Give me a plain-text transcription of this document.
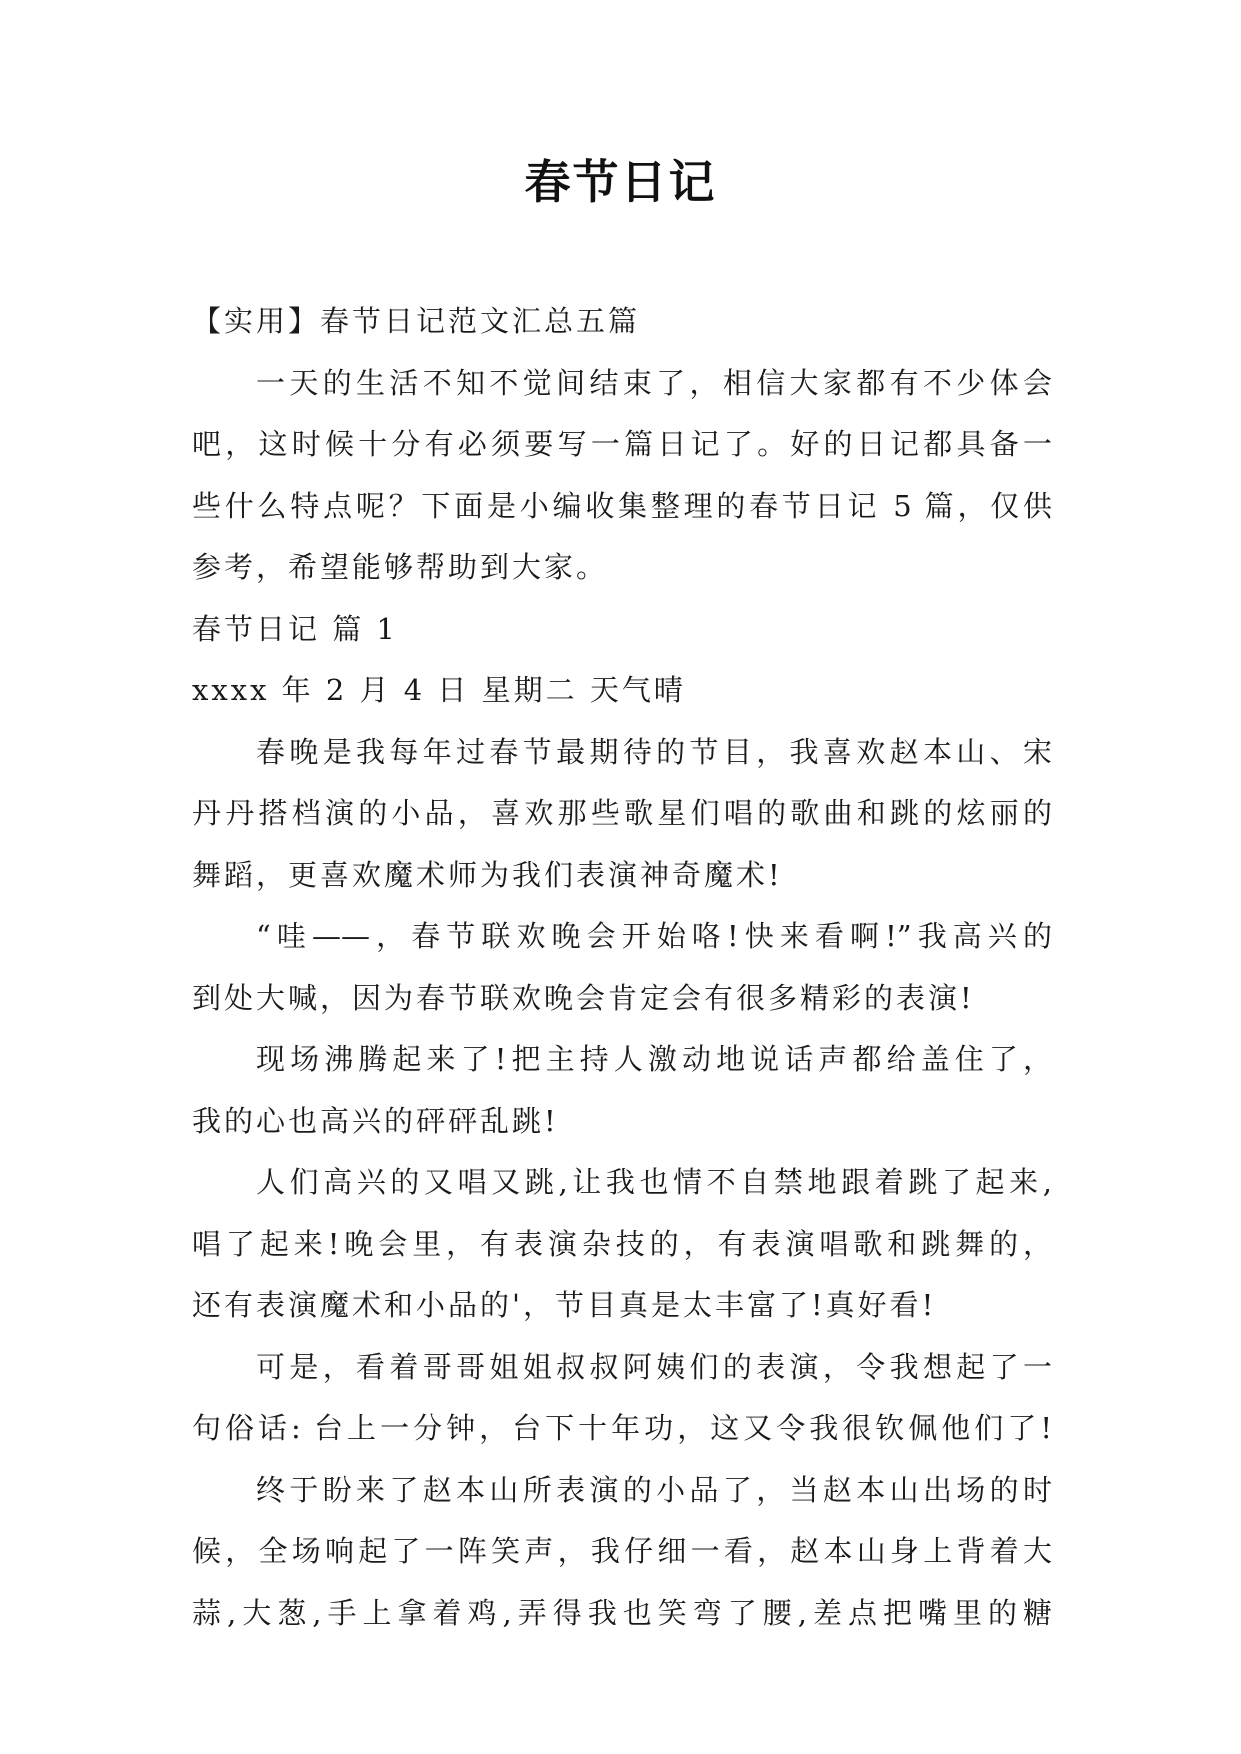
春节日记
【实用】春节日记范文汇总五篇
一天的生活不知不觉间结束了，相信大家都有不少体会
吧，这时候十分有必须要写一篇日记了。好的日记都具备一
些什么特点呢？下面是小编收集整理的春节日记 5 篇，仅供
参考，希望能够帮助到大家。
春节日记 篇 1
xxxx 年 2 月 4 日 星期二 天气晴
春晚是我每年过春节最期待的节目，我喜欢赵本山、宋
丹丹搭档演的小品，喜欢那些歌星们唱的歌曲和跳的炫丽的
舞蹈，更喜欢魔术师为我们表演神奇魔术!
“哇——，春节联欢晚会开始咯!快来看啊!”我高兴的
到处大喊，因为春节联欢晚会肯定会有很多精彩的表演!
现场沸腾起来了!把主持人激动地说话声都给盖住了，
我的心也高兴的砰砰乱跳!
人们高兴的又唱又跳,让我也情不自禁地跟着跳了起来,
唱了起来!晚会里，有表演杂技的，有表演唱歌和跳舞的，
还有表演魔术和小品的'，节目真是太丰富了!真好看!
可是，看着哥哥姐姐叔叔阿姨们的表演，令我想起了一
句俗话: 台上一分钟，台下十年功，这又令我很钦佩他们了!
终于盼来了赵本山所表演的小品了，当赵本山出场的时
候，全场响起了一阵笑声，我仔细一看，赵本山身上背着大
蒜,大葱,手上拿着鸡,弄得我也笑弯了腰,差点把嘴里的糖
